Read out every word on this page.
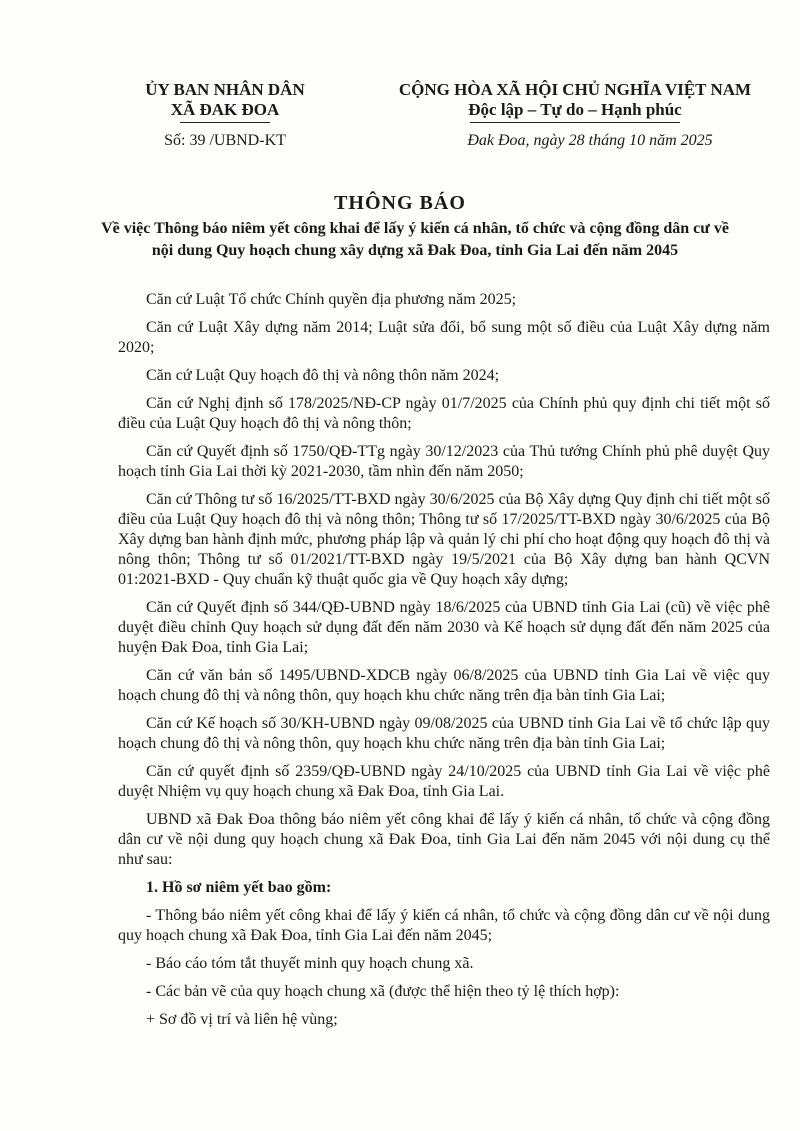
ỦY BAN NHÂN DÂN
XÃ ĐAK ĐOA
Số: 39 /UBND-KT
CỘNG HÒA XÃ HỘI CHỦ NGHĨA VIỆT NAM
Độc lập – Tự do – Hạnh phúc
Đak Đoa, ngày 28 tháng 10 năm 2025
THÔNG BÁO
Về việc Thông báo niêm yết công khai để lấy ý kiến cá nhân, tổ chức và cộng đồng dân cư về nội dung Quy hoạch chung xây dựng xã Đak Đoa, tỉnh Gia Lai đến năm 2045

Căn cứ Luật Tổ chức Chính quyền địa phương năm 2025;

Căn cứ Luật Xây dựng năm 2014; Luật sửa đổi, bổ sung một số điều của Luật Xây dựng năm 2020;

Căn cứ Luật Quy hoạch đô thị và nông thôn năm 2024;

Căn cứ Nghị định số 178/2025/NĐ-CP ngày 01/7/2025 của Chính phủ quy định chi tiết một số điều của Luật Quy hoạch đô thị và nông thôn;

Căn cứ Quyết định số 1750/QĐ-TTg ngày 30/12/2023 của Thủ tướng Chính phủ phê duyệt Quy hoạch tỉnh Gia Lai thời kỳ 2021-2030, tầm nhìn đến năm 2050;

Căn cứ Thông tư số 16/2025/TT-BXD ngày 30/6/2025 của Bộ Xây dựng Quy định chi tiết một số điều của Luật Quy hoạch đô thị và nông thôn; Thông tư số 17/2025/TT-BXD ngày 30/6/2025 của Bộ Xây dựng ban hành định mức, phương pháp lập và quản lý chi phí cho hoạt động quy hoạch đô thị và nông thôn; Thông tư số 01/2021/TT-BXD ngày 19/5/2021 của Bộ Xây dựng ban hành QCVN 01:2021-BXD - Quy chuẩn kỹ thuật quốc gia về Quy hoạch xây dựng;

Căn cứ Quyết định số 344/QĐ-UBND ngày 18/6/2025 của UBND tỉnh Gia Lai (cũ) về việc phê duyệt điều chỉnh Quy hoạch sử dụng đất đến năm 2030 và Kế hoạch sử dụng đất đến năm 2025 của huyện Đak Đoa, tỉnh Gia Lai;

Căn cứ văn bản số 1495/UBND-XDCB ngày 06/8/2025 của UBND tỉnh Gia Lai về việc quy hoạch chung đô thị và nông thôn, quy hoạch khu chức năng trên địa bàn tỉnh Gia Lai;

Căn cứ Kế hoạch số 30/KH-UBND ngày 09/08/2025 của UBND tỉnh Gia Lai về tổ chức lập quy hoạch chung đô thị và nông thôn, quy hoạch khu chức năng trên địa bàn tỉnh Gia Lai;

Căn cứ quyết định số 2359/QĐ-UBND ngày 24/10/2025 của UBND tỉnh Gia Lai về việc phê duyệt Nhiệm vụ quy hoạch chung xã Đak Đoa, tỉnh Gia Lai.

UBND xã Đak Đoa thông báo niêm yết công khai để lấy ý kiến cá nhân, tổ chức và cộng đồng dân cư về nội dung quy hoạch chung xã Đak Đoa, tỉnh Gia Lai đến năm 2045 với nội dung cụ thể như sau:

1. Hồ sơ niêm yết bao gồm:

- Thông báo niêm yết công khai để lấy ý kiến cá nhân, tổ chức và cộng đồng dân cư về nội dung quy hoạch chung xã Đak Đoa, tỉnh Gia Lai đến năm 2045;

- Báo cáo tóm tắt thuyết minh quy hoạch chung xã.

- Các bản vẽ của quy hoạch chung xã (được thể hiện theo tỷ lệ thích hợp):

+ Sơ đồ vị trí và liên hệ vùng;
